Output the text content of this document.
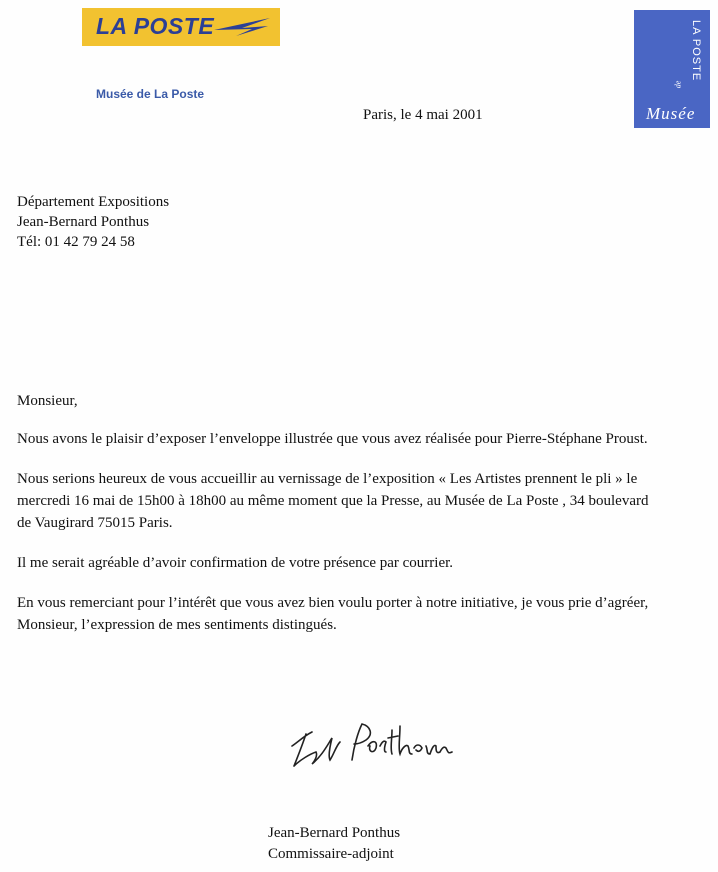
LA POSTE
Musée de La Poste
LA POSTE
de
Musée
Paris, le 4 mai 2001
Département Expositions
Jean-Bernard Ponthus
Tél: 01 42 79 24 58

Monsieur,

Nous avons le plaisir d’exposer l’enveloppe illustrée que vous avez réalisée pour Pierre-Stéphane Proust.

Nous serions heureux de vous accueillir au vernissage de l’exposition « Les Artistes prennent le pli » le mercredi 16 mai de 15h00 à 18h00 au même moment que la Presse, au Musée de La Poste , 34 boulevard de Vaugirard 75015 Paris.

Il me serait agréable d’avoir confirmation de votre présence par courrier.

En vous remerciant pour l’intérêt que vous avez bien voulu porter à notre initiative, je vous prie d’agréer, Monsieur, l’expression de mes sentiments distingués.

Jean-Bernard Ponthus
Commissaire-adjoint
